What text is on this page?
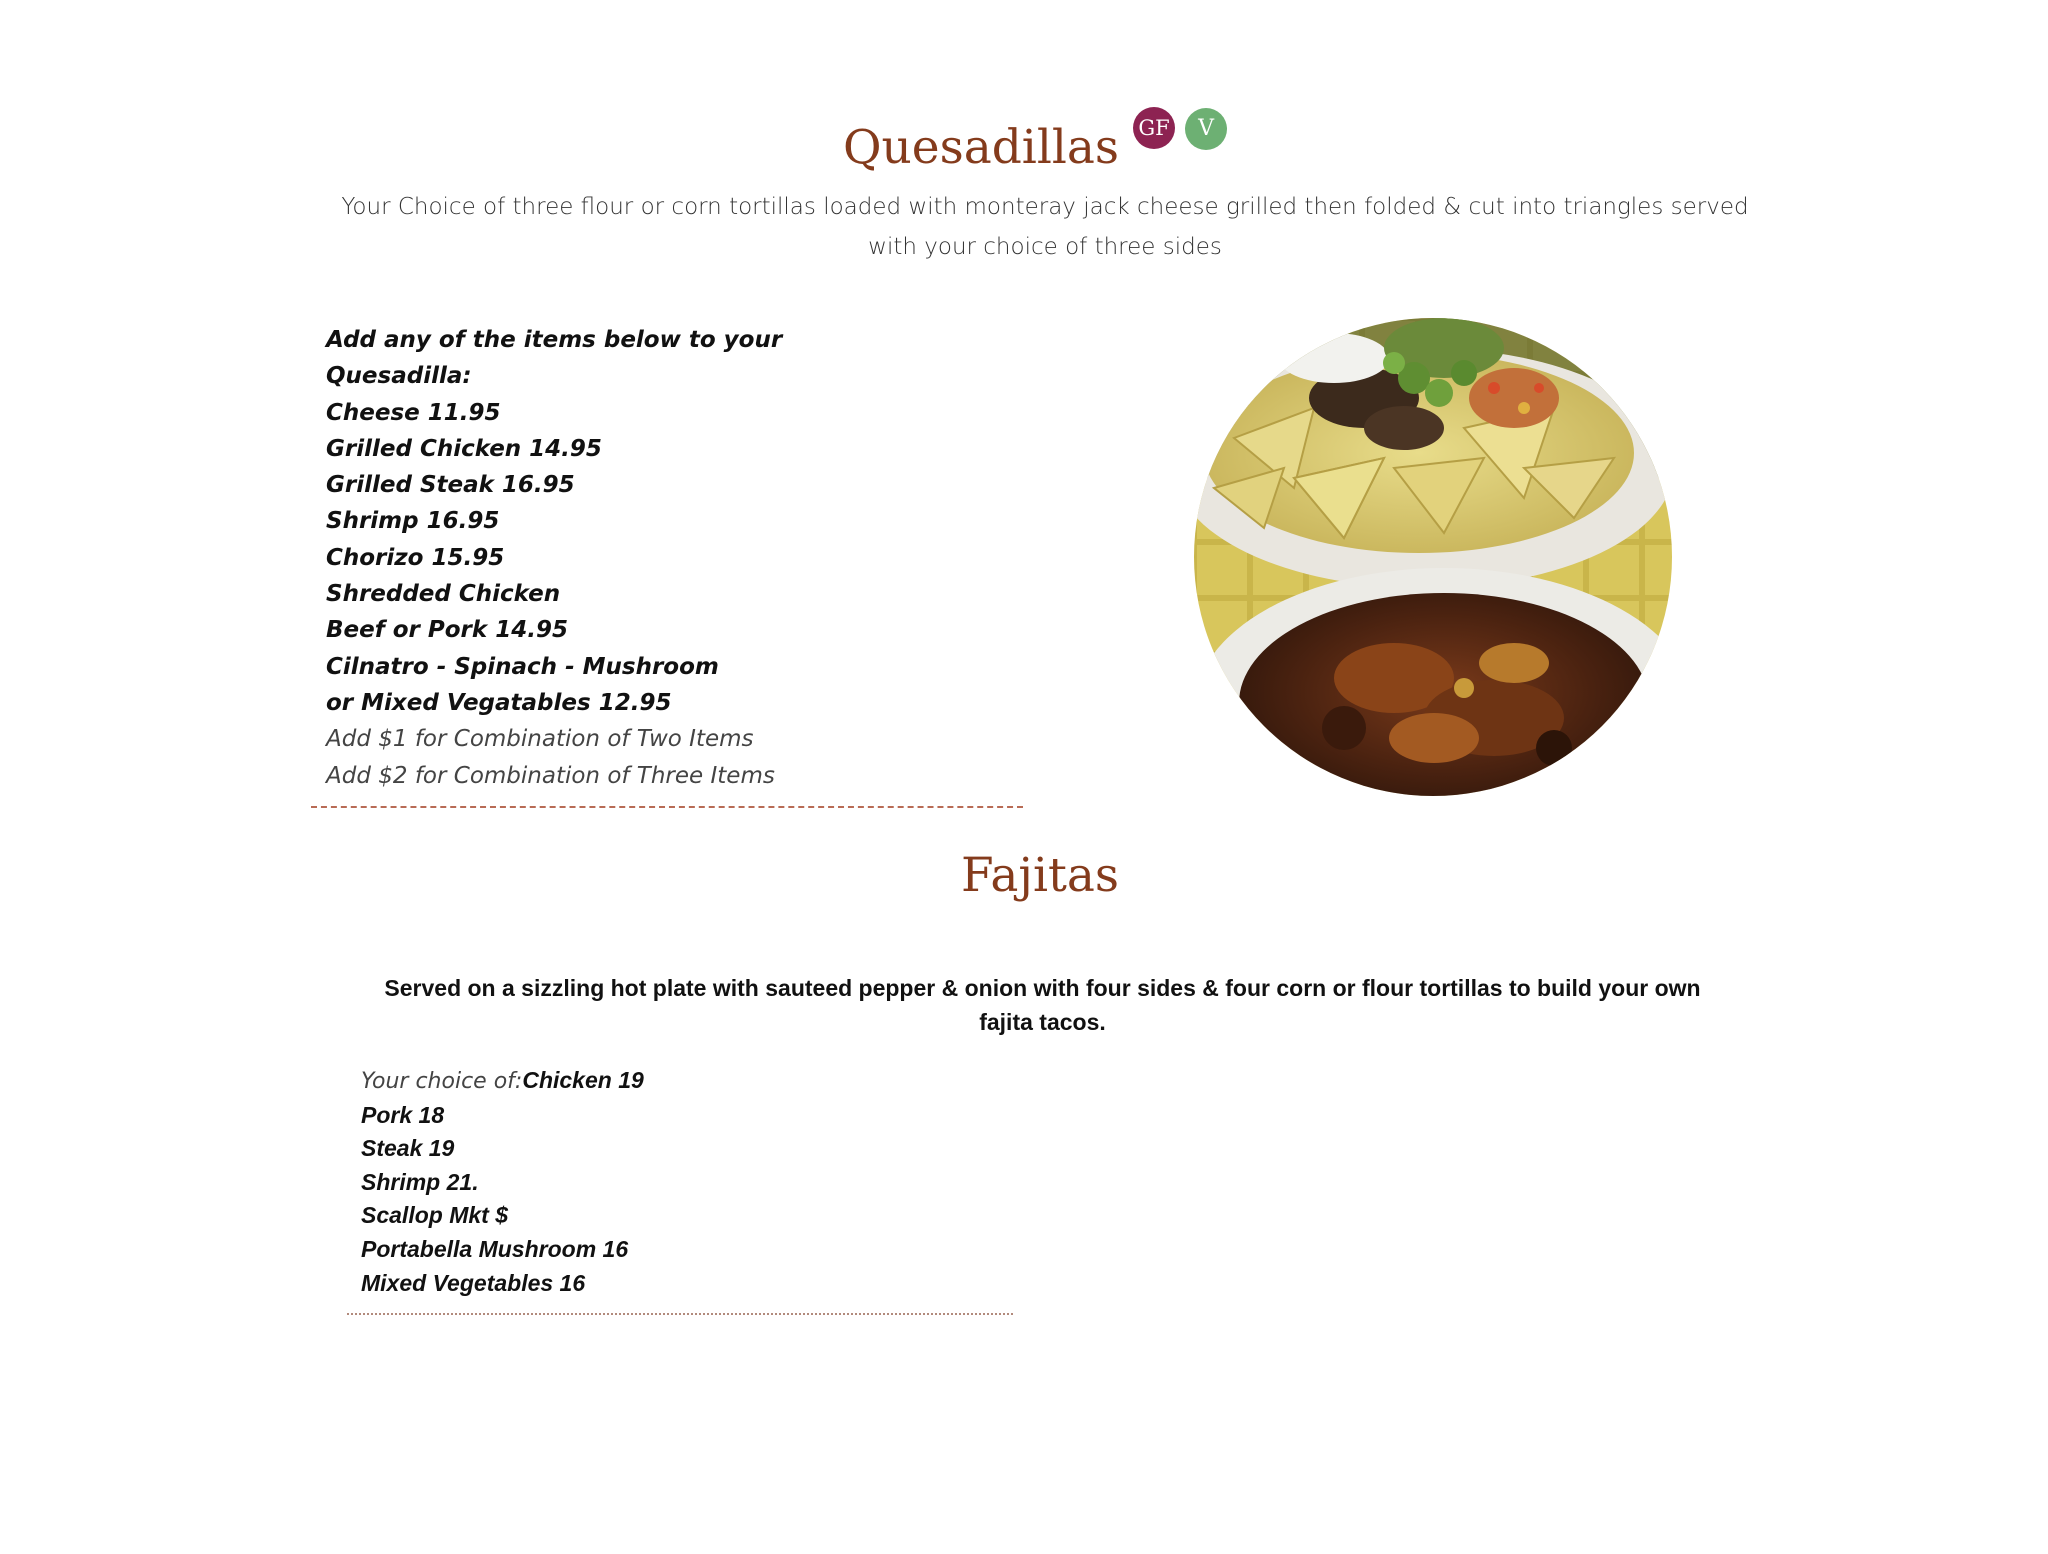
Quesadillas GF V
Your Choice of three flour or corn tortillas loaded with monteray jack cheese grilled then folded & cut into triangles served with your choice of three sides
Add any of the items below to your
Quesadilla:
Cheese 11.95
Grilled Chicken 14.95
Grilled Steak 16.95
Shrimp 16.95
Chorizo 15.95
Shredded Chicken
Beef or Pork 14.95
Cilnatro - Spinach - Mushroom
or Mixed Vegatables 12.95
Add $1 for Combination of Two Items
Add $2 for Combination of Three Items
Fajitas
Served on a sizzling hot plate with sauteed pepper & onion with four sides & four corn or flour tortillas to build your own fajita tacos.
Your choice of:Chicken 19
Pork 18
Steak 19
Shrimp 21.
Scallop Mkt $
Portabella Mushroom 16
Mixed Vegetables 16
